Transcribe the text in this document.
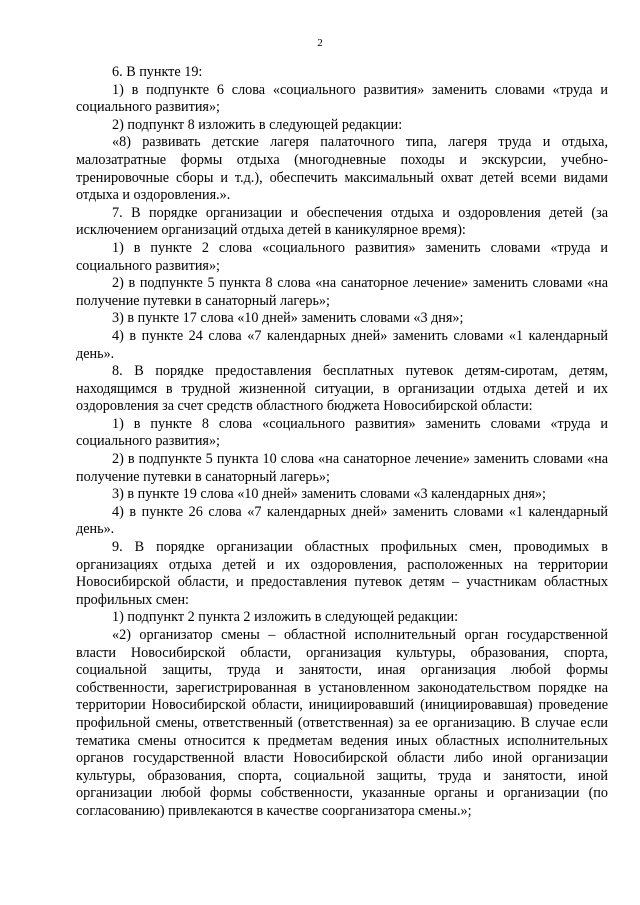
2

6. В пункте 19:

1) в подпункте 6 слова «социального развития» заменить словами «труда и социального развития»;

2) подпункт 8 изложить в следующей редакции:

«8) развивать детские лагеря палаточного типа, лагеря труда и отдыха, малозатратные формы отдыха (многодневные походы и экскурсии, учебно-тренировочные сборы и т.д.), обеспечить максимальный охват детей всеми видами отдыха и оздоровления.».

7. В порядке организации и обеспечения отдыха и оздоровления детей (за исключением организаций отдыха детей в каникулярное время):

1) в пункте 2 слова «социального развития» заменить словами «труда и социального развития»;

2) в подпункте 5 пункта 8 слова «на санаторное лечение» заменить словами «на получение путевки в санаторный лагерь»;

3) в пункте 17 слова «10 дней» заменить словами «3 дня»;

4) в пункте 24 слова «7 календарных дней» заменить словами «1 календарный день».

8. В порядке предоставления бесплатных путевок детям-сиротам, детям, находящимся в трудной жизненной ситуации, в организации отдыха детей и их оздоровления за счет средств областного бюджета Новосибирской области:

1) в пункте 8 слова «социального развития» заменить словами «труда и социального развития»;

2) в подпункте 5 пункта 10 слова «на санаторное лечение» заменить словами «на получение путевки в санаторный лагерь»;

3) в пункте 19 слова «10 дней» заменить словами «3 календарных дня»;

4) в пункте 26 слова «7 календарных дней» заменить словами «1 календарный день».

9. В порядке организации областных профильных смен, проводимых в организациях отдыха детей и их оздоровления, расположенных на территории Новосибирской области, и предоставления путевок детям – участникам областных профильных смен:

1) подпункт 2 пункта 2 изложить в следующей редакции:

«2) организатор смены – областной исполнительный орган государственной власти Новосибирской области, организация культуры, образования, спорта, социальной защиты, труда и занятости, иная организация любой формы собственности, зарегистрированная в установленном законодательством порядке на территории Новосибирской области, инициировавший (инициировавшая) проведение профильной смены, ответственный (ответственная) за ее организацию. В случае если тематика смены относится к предметам ведения иных областных исполнительных органов государственной власти Новосибирской области либо иной организации культуры, образования, спорта, социальной защиты, труда и занятости, иной организации любой формы собственности, указанные органы и организации (по согласованию) привлекаются в качестве соорганизатора смены.»;
